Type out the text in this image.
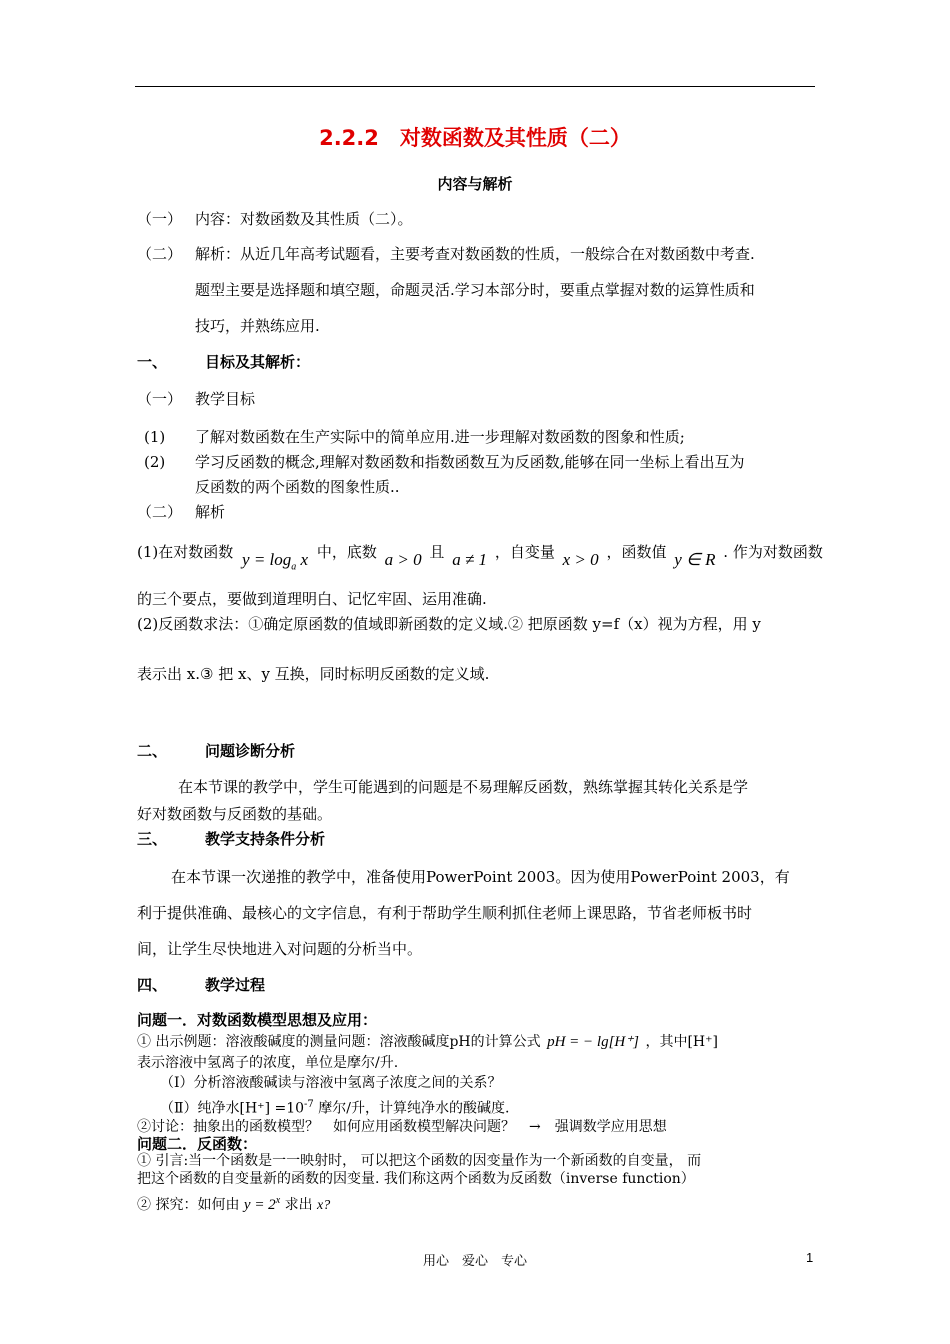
2.2.2　对数函数及其性质（二）
内容与解析
（一） 内容：对数函数及其性质（二）。
（二） 解析：从近几年高考试题看，主要考查对数函数的性质，一般综合在对数函数中考查.
题型主要是选择题和填空题，命题灵活.学习本部分时，要重点掌握对数的运算性质和
技巧，并熟练应用.
一、	目标及其解析：
（一） 教学目标
(1) 了解对数函数在生产实际中的简单应用.进一步理解对数函数的图象和性质;
(2) 学习反函数的概念,理解对数函数和指数函数互为反函数,能够在同一坐标上看出互为
反函数的两个函数的图象性质..
（二） 解析
(1)在对数函数 $y = \log_a x$ 中，底数 a > 0 且 a ≠ 1 ，自变量 x > 0 ，函数值 y ∈ R . 作为对数函数
的三个要点，要做到道理明白、记忆牢固、运用准确.
(2)反函数求法：①确定原函数的值域即新函数的定义域.② 把原函数 y=f（x）视为方程，用 y
表示出 x.③ 把 x、y 互换，同时标明反函数的定义域.
二、	问题诊断分析
在本节课的教学中，学生可能遇到的问题是不易理解反函数，熟练掌握其转化关系是学
好对数函数与反函数的基础。
三、	教学支持条件分析
在本节课一次递推的教学中，准备使用PowerPoint 2003。因为使用PowerPoint 2003，有
利于提供准确、最核心的文字信息，有利于帮助学生顺利抓住老师上课思路，节省老师板书时
间，让学生尽快地进入对问题的分析当中。
四、	教学过程
问题一．对数函数模型思想及应用：
① 出示例题：溶液酸碱度的测量问题：溶液酸碱度pH的计算公式 pH = − lg[H⁺] ，其中[H⁺]
表示溶液中氢离子的浓度，单位是摩尔/升.
（Ⅰ）分析溶液酸碱读与溶液中氢离子浓度之间的关系？
（Ⅱ）纯净水$[H^+] =10^{-7}$ 摩尔/升，计算纯净水的酸碱度.
②讨论：抽象出的函数模型？　如何应用函数模型解决问题？　→　强调数学应用思想
问题二．反函数：
① 引言:当一个函数是一一映射时， 可以把这个函数的因变量作为一个新函数的自变量， 而
把这个函数的自变量新的函数的因变量. 我们称这两个函数为反函数（inverse function）
② 探究：如何由 $y = 2^x$ 求出 x?
用心　爱心　专心	1
